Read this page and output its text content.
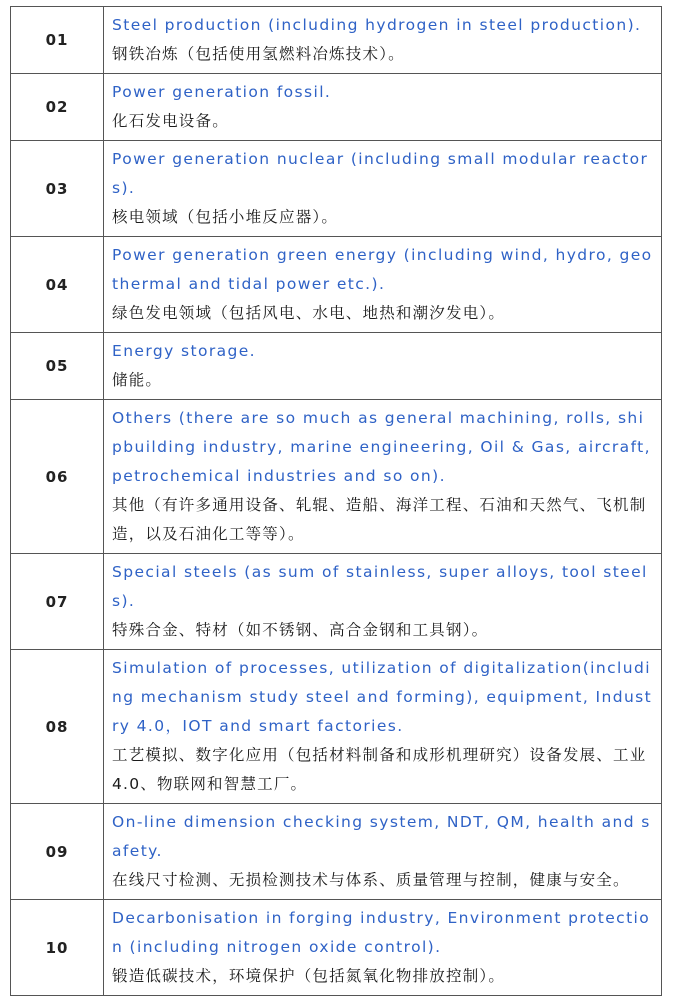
01	Steel production (including hydrogen in steel production).

钢铁冶炼（包括使用氢燃料冶炼技术）。

02	Power generation fossil.

化石发电设备。

03	Power generation nuclear (including small modular reactors).

核电领域（包括小堆反应器）。

04	Power generation green energy (including wind, hydro, geothermal and tidal power etc.).

绿色发电领域（包括风电、水电、地热和潮汐发电）。

05	Energy storage.

储能。

06	Others (there are so much as general machining, rolls, shipbuilding industry, marine engineering, Oil & Gas, aircraft, petrochemical industries and so on).

其他（有许多通用设备、轧辊、造船、海洋工程、石油和天然气、飞机制造，以及石油化工等等）。

07	Special steels (as sum of stainless, super alloys, tool steels).

特殊合金、特材（如不锈钢、高合金钢和工具钢）。

08	Simulation of processes, utilization of digitalization(including mechanism study steel and forming), equipment, Industry 4.0，IOT and smart factories.

工艺模拟、数字化应用（包括材料制备和成形机理研究）设备发展、工业4.0、物联网和智慧工厂。

09	On-line dimension checking system, NDT, QM, health and safety.

在线尺寸检测、无损检测技术与体系、质量管理与控制，健康与安全。

10	Decarbonisation in forging industry, Environment protection (including nitrogen oxide control).

锻造低碳技术，环境保护（包括氮氧化物排放控制）。
